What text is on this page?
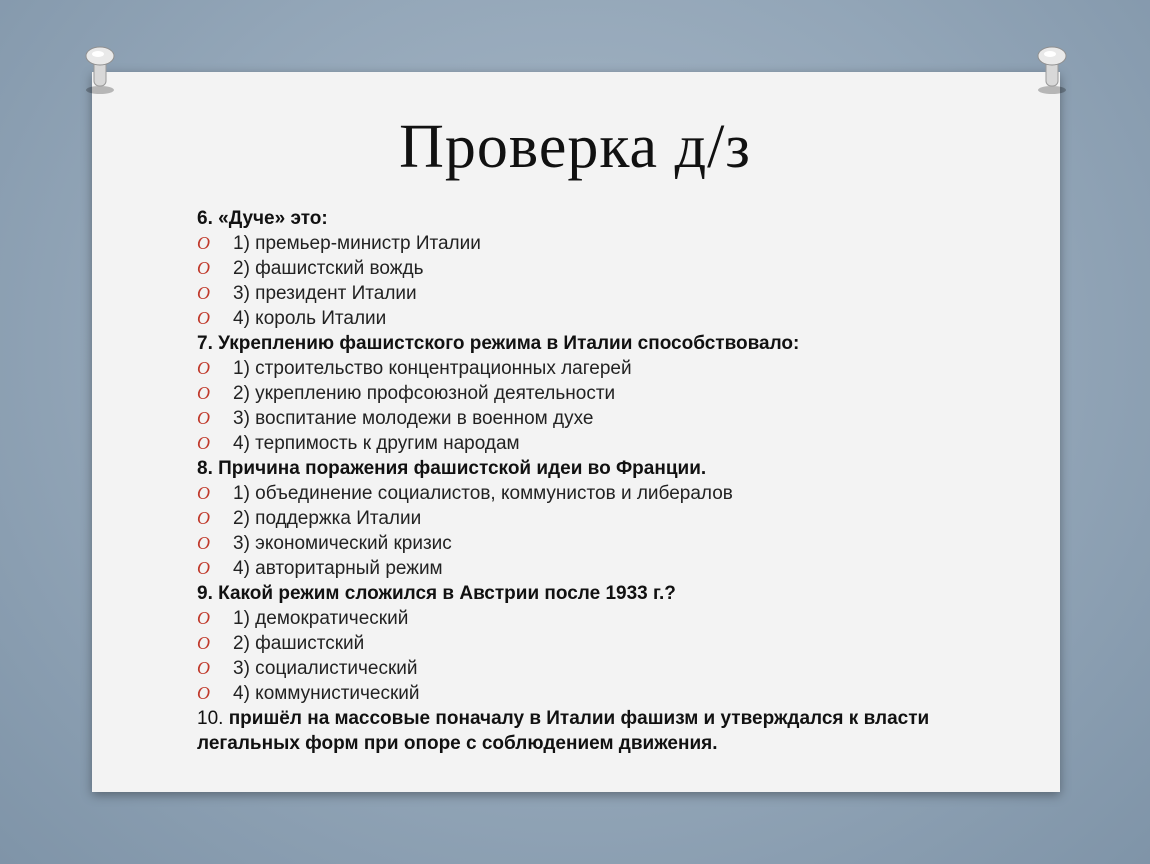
Проверка д/з

6. «Дуче» это:

O 1) премьер-министр Италии

O 2) фашистский вождь

O 3) президент Италии

O 4) король Италии

7. Укреплению фашистского режима в Италии способствовало:

O 1) строительство концентрационных лагерей

O 2) укреплению профсоюзной деятельности

O 3) воспитание молодежи в военном духе

O 4) терпимость к другим народам

8. Причина поражения фашистской идеи во Франции.

O 1) объединение социалистов, коммунистов и либералов

O 2) поддержка Италии

O 3) экономический кризис

O 4) авторитарный режим

9. Какой режим сложился в Австрии после 1933 г.?

O 1) демократический

O 2) фашистский

O 3) социалистический

O 4) коммунистический

10. пришёл на массовые поначалу в Италии фашизм и утверждался к власти легальных форм при опоре с соблюдением движения.
